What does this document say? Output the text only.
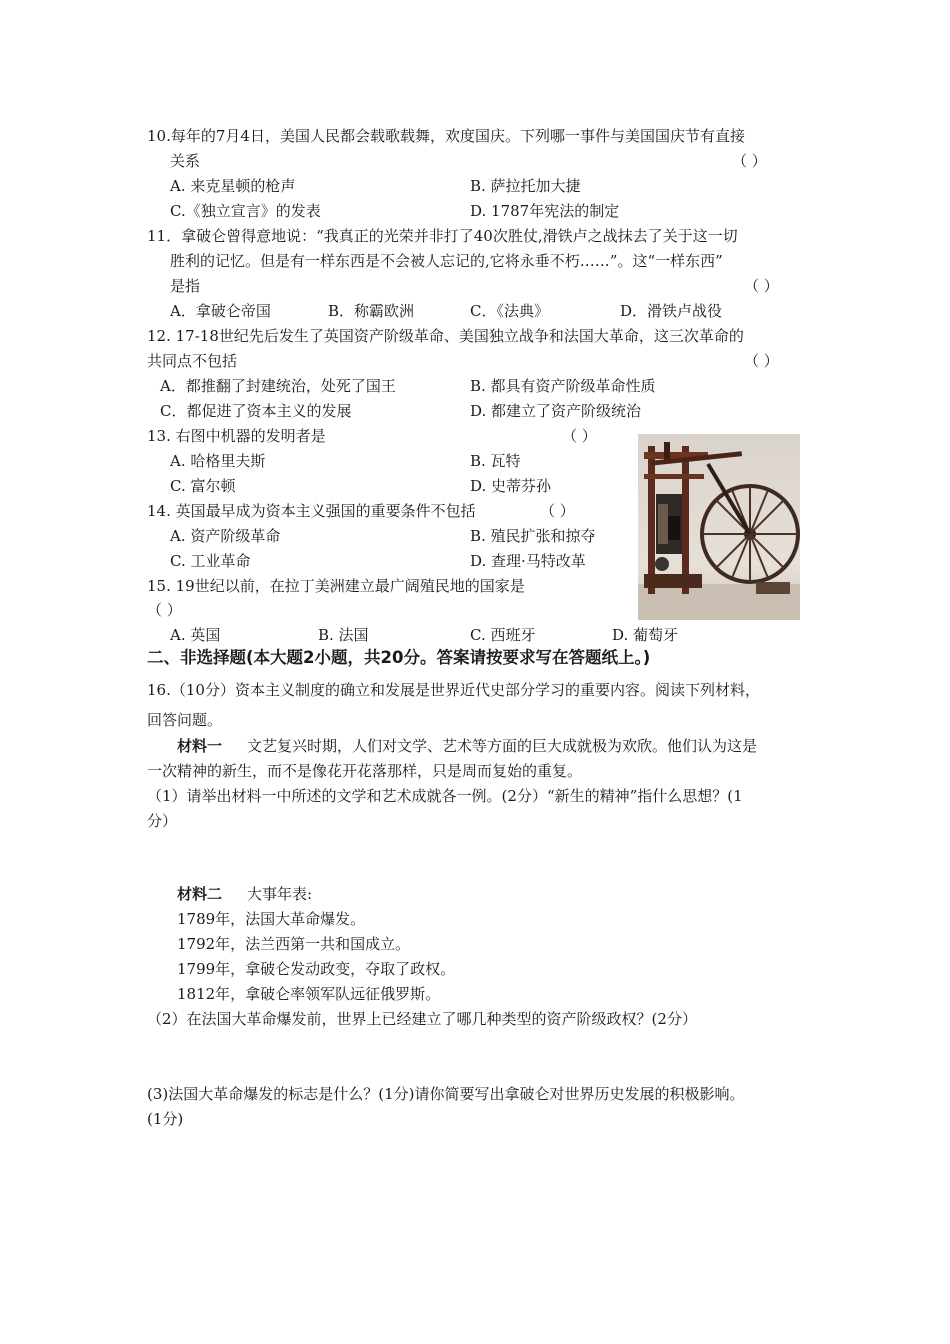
10.每年的7月4日，美国人民都会载歌载舞，欢度国庆。下列哪一事件与美国国庆节有直接
关系	（ ）
A. 来克星顿的枪声	B. 萨拉托加大捷
C.《独立宣言》的发表	D. 1787年宪法的制定
11．拿破仑曾得意地说：“我真正的光荣并非打了40次胜仗,滑铁卢之战抹去了关于这一切
胜利的记忆。但是有一样东西是不会被人忘记的,它将永垂不朽……”。这“一样东西”
是指	（ ）
A．拿破仑帝国	B．称霸欧洲	C．《法典》	D．滑铁卢战役
12. 17-18世纪先后发生了英国资产阶级革命、美国独立战争和法国大革命，这三次革命的
共同点不包括	（ ）
A．都推翻了封建统治，处死了国王	B. 都具有资产阶级革命性质
C．都促进了资本主义的发展	D. 都建立了资产阶级统治
13. 右图中机器的发明者是	（ ）
A. 哈格里夫斯	B. 瓦特
C. 富尔顿	D. 史蒂芬孙
14. 英国最早成为资本主义强国的重要条件不包括	（ ）
A. 资产阶级革命	B. 殖民扩张和掠夺
C. 工业革命	D. 查理·马特改革
15. 19世纪以前，在拉丁美洲建立最广阔殖民地的国家是
（ ）
A. 英国	B. 法国	C. 西班牙	D. 葡萄牙
二、非选择题(本大题2小题，共20分。答案请按要求写在答题纸上。)
16.（10分）资本主义制度的确立和发展是世界近代史部分学习的重要内容。阅读下列材料，
回答问题。
材料一 文艺复兴时期，人们对文学、艺术等方面的巨大成就极为欢欣。他们认为这是
一次精神的新生，而不是像花开花落那样，只是周而复始的重复。
（1）请举出材料一中所述的文学和艺术成就各一例。(2分）“新生的精神”指什么思想？(1
分）
材料二 大事年表:
1789年，法国大革命爆发。
1792年，法兰西第一共和国成立。
1799年，拿破仑发动政变，夺取了政权。
1812年，拿破仑率领军队远征俄罗斯。
（2）在法国大革命爆发前，世界上已经建立了哪几种类型的资产阶级政权？(2分）
(3)法国大革命爆发的标志是什么？(1分)请你简要写出拿破仑对世界历史发展的积极影响。
(1分)
